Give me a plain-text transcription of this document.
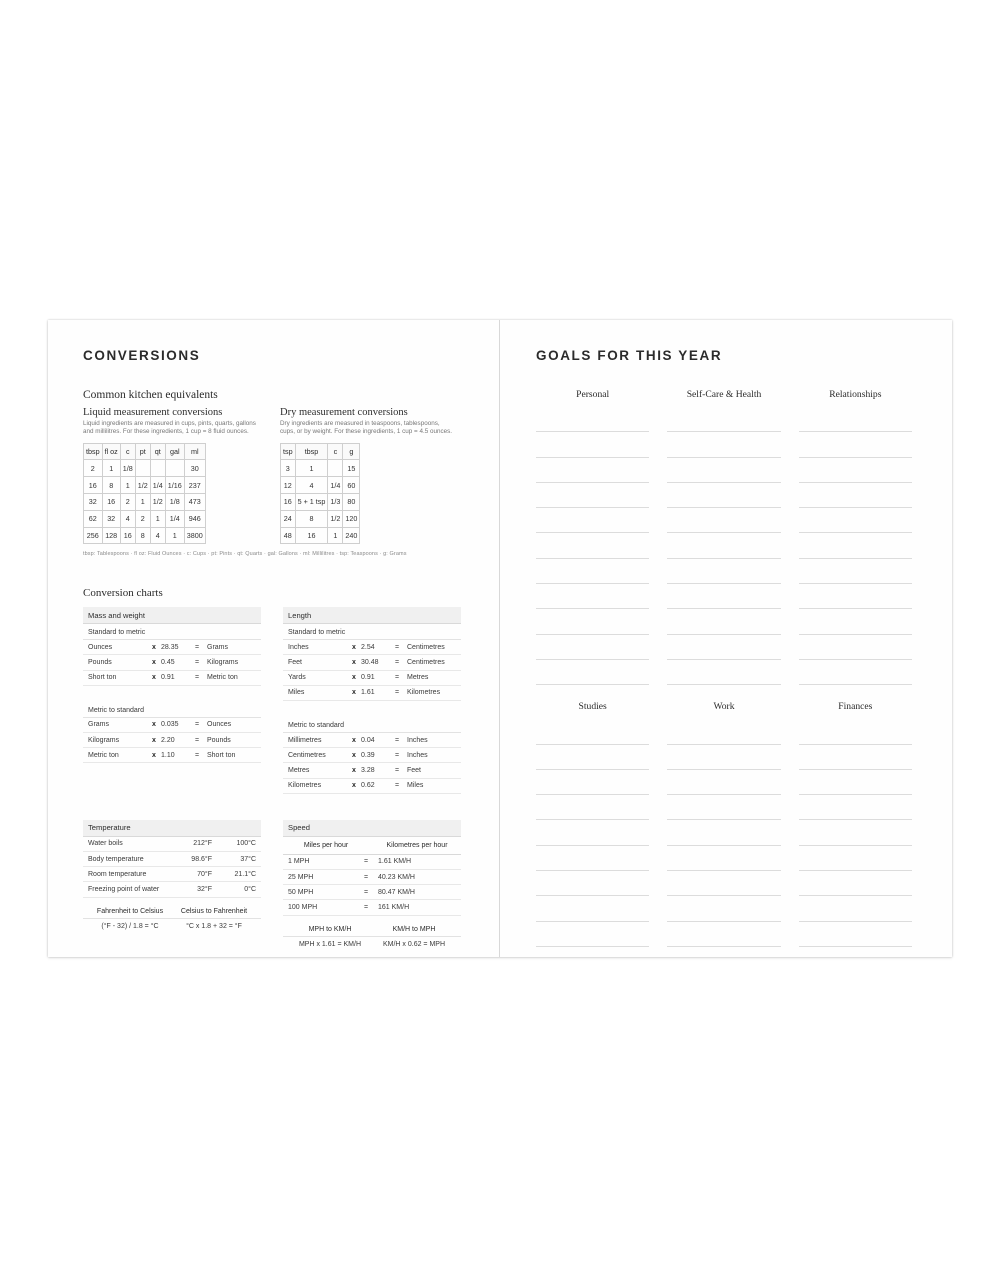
CONVERSIONS
Common kitchen equivalents
Liquid measurement conversions
Liquid ingredients are measured in cups, pints, quarts, gallons and millilitres. For these ingredients, 1 cup = 8 fluid ounces.
tbsp	fl oz	c	pt	qt	gal	ml
2	1	1/8				30
16	8	1	1/2	1/4	1/16	237
32	16	2	1	1/2	1/8	473
62	32	4	2	1	1/4	946
256	128	16	8	4	1	3800
Dry measurement conversions
Dry ingredients are measured in teaspoons, tablespoons, cups, or by weight. For these ingredients, 1 cup = 4.5 ounces.
tsp	tbsp	c	g
3	1		15
12	4	1/4	60
16	5 + 1 tsp	1/3	80
24	8	1/2	120
48	16	1	240
tbsp: Tablespoons · fl oz: Fluid Ounces · c: Cups · pt: Pints · qt: Quarts · gal: Gallons · ml: Millilitres · tsp: Teaspoons · g: Grams
Conversion charts
Mass and weight
Standard to metric
Ounces	x 28.35	=	Grams
Pounds	x 0.45	=	Kilograms
Short ton	x 0.91	=	Metric ton
Metric to standard
Grams	x 0.035	=	Ounces
Kilograms	x 2.20	=	Pounds
Metric ton	x 1.10	=	Short ton
Length
Standard to metric
Inches	x 2.54	=	Centimetres
Feet	x 30.48	=	Centimetres
Yards	x 0.91	=	Metres
Miles	x 1.61	=	Kilometres
Metric to standard
Millimetres	x 0.04	=	Inches
Centimetres	x 0.39	=	Inches
Metres	x 3.28	=	Feet
Kilometres	x 0.62	=	Miles
Temperature
Water boils	212°F	100°C
Body temperature	98.6°F	37°C
Room temperature	70°F	21.1°C
Freezing point of water	32°F	0°C
Fahrenheit to Celsius	Celsius to Fahrenheit
(°F - 32) / 1.8 = °C	°C x 1.8 + 32 = °F
Speed
Miles per hour	Kilometres per hour
1 MPH	=	1.61 KM/H
25 MPH	=	40.23 KM/H
50 MPH	=	80.47 KM/H
100 MPH	=	161 KM/H
MPH to KM/H	KM/H to MPH
MPH x 1.61 = KM/H	KM/H x 0.62 = MPH
GOALS FOR THIS YEAR
Personal	Self-Care & Health	Relationships
Studies	Work	Finances
